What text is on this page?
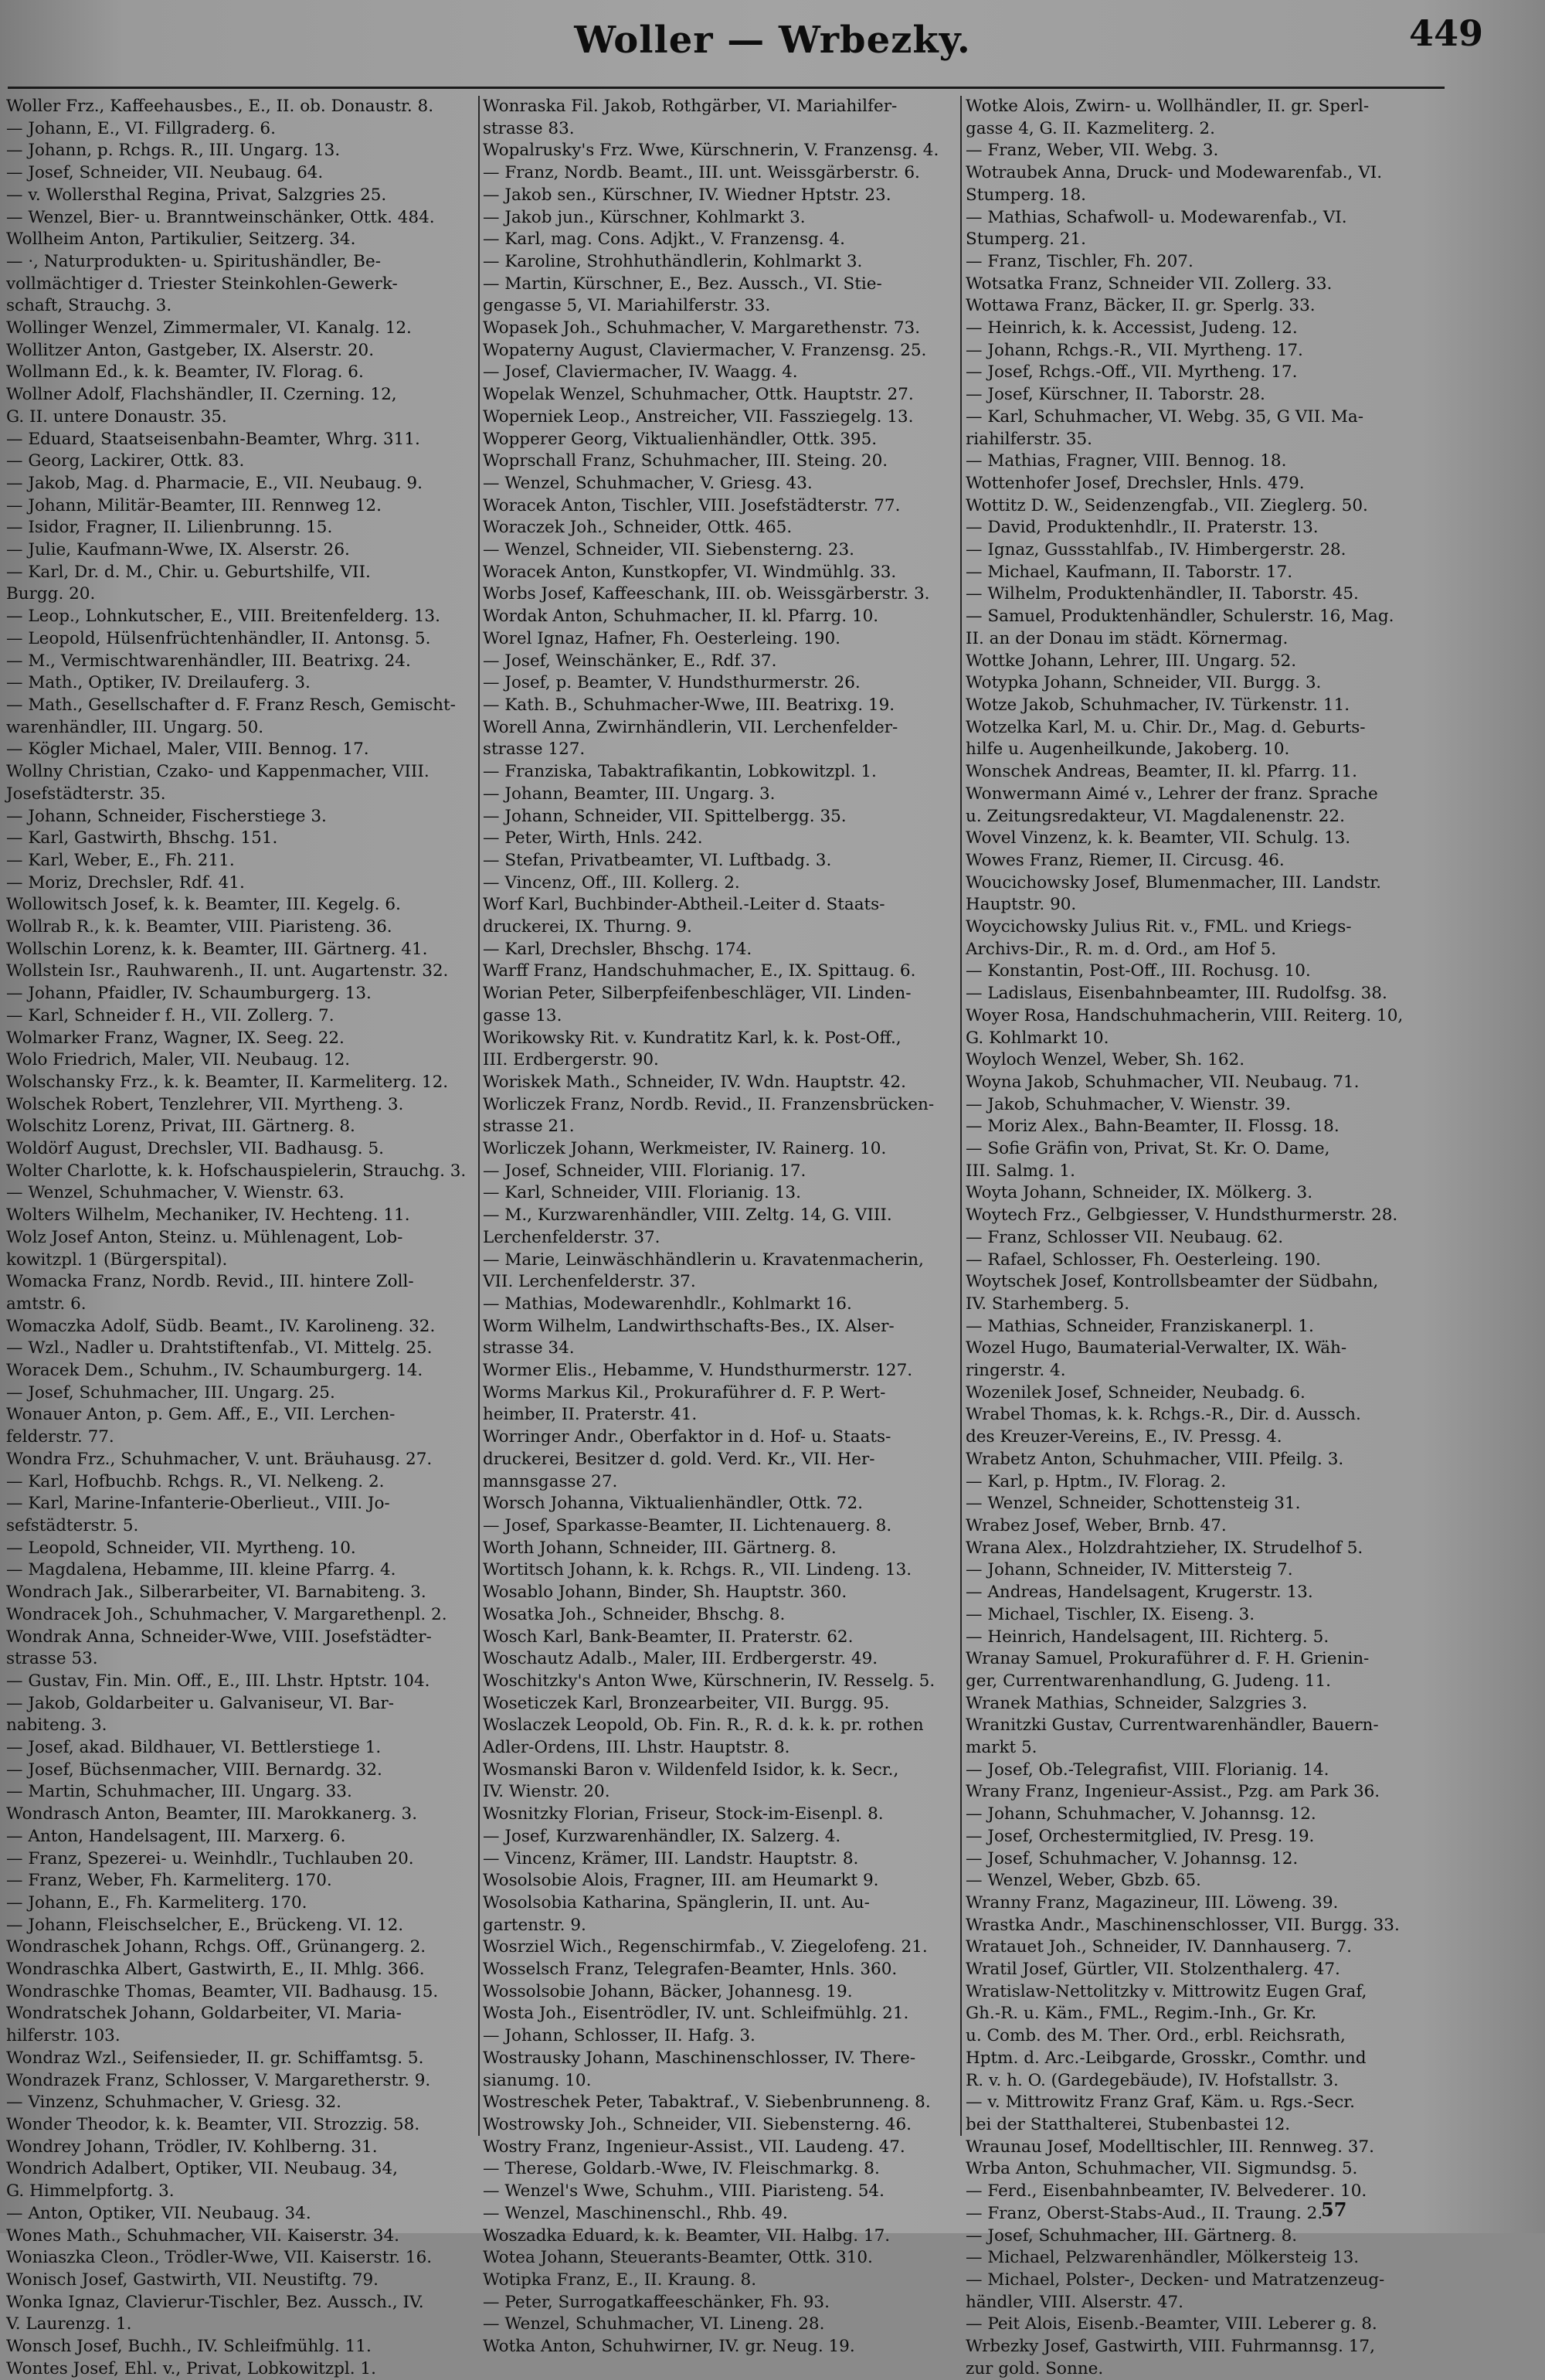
Woller — Wrbezky.	449
Woller Frz., Kaffeehausbes., E., II. ob. Donaustr. 8.
— Johann, E., VI. Fillgraderg. 6.
— Johann, p. Rchgs. R., III. Ungarg. 13.
— Josef, Schneider, VII. Neubaug. 64.
— v. Wollersthal Regina, Privat, Salzgries 25.
— Wenzel, Bier- u. Branntweinschänker, Ottk. 484.
Wollheim Anton, Partikulier, Seitzerg. 34.
— ·, Naturprodukten- u. Spiritushändler, Be-
vollmächtiger d. Triester Steinkohlen-Gewerk-
schaft, Strauchg. 3.
Wollinger Wenzel, Zimmermaler, VI. Kanalg. 12.
Wollitzer Anton, Gastgeber, IX. Alserstr. 20.
Wollmann Ed., k. k. Beamter, IV. Florag. 6.
Wollner Adolf, Flachshändler, II. Czerning. 12,
G. II. untere Donaustr. 35.
— Eduard, Staatseisenbahn-Beamter, Whrg. 311.
— Georg, Lackirer, Ottk. 83.
— Jakob, Mag. d. Pharmacie, E., VII. Neubaug. 9.
— Johann, Militär-Beamter, III. Rennweg 12.
— Isidor, Fragner, II. Lilienbrunng. 15.
— Julie, Kaufmann-Wwe, IX. Alserstr. 26.
— Karl, Dr. d. M., Chir. u. Geburtshilfe, VII.
Burgg. 20.
— Leop., Lohnkutscher, E., VIII. Breitenfelderg. 13.
— Leopold, Hülsenfrüchtenhändler, II. Antonsg. 5.
— M., Vermischtwarenhändler, III. Beatrixg. 24.
— Math., Optiker, IV. Dreilauferg. 3.
— Math., Gesellschafter d. F. Franz Resch, Gemischt-
warenhändler, III. Ungarg. 50.
— Kögler Michael, Maler, VIII. Bennog. 17.
Wollny Christian, Czako- und Kappenmacher, VIII.
Josefstädterstr. 35.
— Johann, Schneider, Fischerstiege 3.
— Karl, Gastwirth, Bhschg. 151.
— Karl, Weber, E., Fh. 211.
— Moriz, Drechsler, Rdf. 41.
Wollowitsch Josef, k. k. Beamter, III. Kegelg. 6.
Wollrab R., k. k. Beamter, VIII. Piaristeng. 36.
Wollschin Lorenz, k. k. Beamter, III. Gärtnerg. 41.
Wollstein Isr., Rauhwarenh., II. unt. Augartenstr. 32.
— Johann, Pfaidler, IV. Schaumburgerg. 13.
— Karl, Schneider f. H., VII. Zollerg. 7.
Wolmarker Franz, Wagner, IX. Seeg. 22.
Wolo Friedrich, Maler, VII. Neubaug. 12.
Wolschansky Frz., k. k. Beamter, II. Karmeliterg. 12.
Wolschek Robert, Tenzlehrer, VII. Myrtheng. 3.
Wolschitz Lorenz, Privat, III. Gärtnerg. 8.
Woldörf August, Drechsler, VII. Badhausg. 5.
Wolter Charlotte, k. k. Hofschauspielerin, Strauchg. 3.
— Wenzel, Schuhmacher, V. Wienstr. 63.
Wolters Wilhelm, Mechaniker, IV. Hechteng. 11.
Wolz Josef Anton, Steinz. u. Mühlenagent, Lob-
kowitzpl. 1 (Bürgerspital).
Womacka Franz, Nordb. Revid., III. hintere Zoll-
amtstr. 6.
Womaczka Adolf, Südb. Beamt., IV. Karolineng. 32.
— Wzl., Nadler u. Drahtstiftenfab., VI. Mittelg. 25.
Woracek Dem., Schuhm., IV. Schaumburgerg. 14.
— Josef, Schuhmacher, III. Ungarg. 25.
Wonauer Anton, p. Gem. Aff., E., VII. Lerchen-
felderstr. 77.
Wondra Frz., Schuhmacher, V. unt. Bräuhausg. 27.
— Karl, Hofbuchb. Rchgs. R., VI. Nelkeng. 2.
— Karl, Marine-Infanterie-Oberlieut., VIII. Jo-
sefstädterstr. 5.
— Leopold, Schneider, VII. Myrtheng. 10.
— Magdalena, Hebamme, III. kleine Pfarrg. 4.
Wondrach Jak., Silberarbeiter, VI. Barnabiteng. 3.
Wondracek Joh., Schuhmacher, V. Margarethenpl. 2.
Wondrak Anna, Schneider-Wwe, VIII. Josefstädter-
strasse 53.
— Gustav, Fin. Min. Off., E., III. Lhstr. Hptstr. 104.
— Jakob, Goldarbeiter u. Galvaniseur, VI. Bar-
nabiteng. 3.
— Josef, akad. Bildhauer, VI. Bettlerstiege 1.
— Josef, Büchsenmacher, VIII. Bernardg. 32.
— Martin, Schuhmacher, III. Ungarg. 33.
Wondrasch Anton, Beamter, III. Marokkanerg. 3.
— Anton, Handelsagent, III. Marxerg. 6.
— Franz, Spezerei- u. Weinhdlr., Tuchlauben 20.
— Franz, Weber, Fh. Karmeliterg. 170.
— Johann, E., Fh. Karmeliterg. 170.
— Johann, Fleischselcher, E., Brückeng. VI. 12.
Wondraschek Johann, Rchgs. Off., Grünangerg. 2.
Wondraschka Albert, Gastwirth, E., II. Mhlg. 366.
Wondraschke Thomas, Beamter, VII. Badhausg. 15.
Wondratschek Johann, Goldarbeiter, VI. Maria-
hilferstr. 103.
Wondraz Wzl., Seifensieder, II. gr. Schiffamtsg. 5.
Wondrazek Franz, Schlosser, V. Margaretherstr. 9.
— Vinzenz, Schuhmacher, V. Griesg. 32.
Wonder Theodor, k. k. Beamter, VII. Strozzig. 58.
Wondrey Johann, Trödler, IV. Kohlberng. 31.
Wondrich Adalbert, Optiker, VII. Neubaug. 34,
G. Himmelpfortg. 3.
— Anton, Optiker, VII. Neubaug. 34.
Wones Math., Schuhmacher, VII. Kaiserstr. 34.
Woniaszka Cleon., Trödler-Wwe, VII. Kaiserstr. 16.
Wonisch Josef, Gastwirth, VII. Neustiftg. 79.
Wonka Ignaz, Clavierur-Tischler, Bez. Aussch., IV.
V. Laurenzg. 1.
Wonsch Josef, Buchh., IV. Schleifmühlg. 11.
Wontes Josef, Ehl. v., Privat, Lobkowitzpl. 1.
Wonraska Fil. Jakob, Rothgärber, VI. Mariahilfer-
strasse 83.
Wopalrusky's Frz. Wwe, Kürschnerin, V. Franzensg. 4.
— Franz, Nordb. Beamt., III. unt. Weissgärberstr. 6.
— Jakob sen., Kürschner, IV. Wiedner Hptstr. 23.
— Jakob jun., Kürschner, Kohlmarkt 3.
— Karl, mag. Cons. Adjkt., V. Franzensg. 4.
— Karoline, Strohhuthändlerin, Kohlmarkt 3.
— Martin, Kürschner, E., Bez. Aussch., VI. Stie-
gengasse 5, VI. Mariahilferstr. 33.
Wopasek Joh., Schuhmacher, V. Margarethenstr. 73.
Wopaterny August, Claviermacher, V. Franzensg. 25.
— Josef, Claviermacher, IV. Waagg. 4.
Wopelak Wenzel, Schuhmacher, Ottk. Hauptstr. 27.
Woperniek Leop., Anstreicher, VII. Fassziegelg. 13.
Wopperer Georg, Viktualienhändler, Ottk. 395.
Woprschall Franz, Schuhmacher, III. Steing. 20.
— Wenzel, Schuhmacher, V. Griesg. 43.
Woracek Anton, Tischler, VIII. Josefstädterstr. 77.
Woraczek Joh., Schneider, Ottk. 465.
— Wenzel, Schneider, VII. Siebensterng. 23.
Woracek Anton, Kunstkopfer, VI. Windmühlg. 33.
Worbs Josef, Kaffeeschank, III. ob. Weissgärberstr. 3.
Wordak Anton, Schuhmacher, II. kl. Pfarrg. 10.
Worel Ignaz, Hafner, Fh. Oesterleing. 190.
— Josef, Weinschänker, E., Rdf. 37.
— Josef, p. Beamter, V. Hundsthurmerstr. 26.
— Kath. B., Schuhmacher-Wwe, III. Beatrixg. 19.
Worell Anna, Zwirnhändlerin, VII. Lerchenfelder-
strasse 127.
— Franziska, Tabaktrafikantin, Lobkowitzpl. 1.
— Johann, Beamter, III. Ungarg. 3.
— Johann, Schneider, VII. Spittelbergg. 35.
— Peter, Wirth, Hnls. 242.
— Stefan, Privatbeamter, VI. Luftbadg. 3.
— Vincenz, Off., III. Kollerg. 2.
Worf Karl, Buchbinder-Abtheil.-Leiter d. Staats-
druckerei, IX. Thurng. 9.
— Karl, Drechsler, Bhschg. 174.
Warff Franz, Handschuhmacher, E., IX. Spittaug. 6.
Worian Peter, Silberpfeifenbeschläger, VII. Linden-
gasse 13.
Worikowsky Rit. v. Kundratitz Karl, k. k. Post-Off.,
III. Erdbergerstr. 90.
Woriskek Math., Schneider, IV. Wdn. Hauptstr. 42.
Worliczek Franz, Nordb. Revid., II. Franzensbrücken-
strasse 21.
Worliczek Johann, Werkmeister, IV. Rainerg. 10.
— Josef, Schneider, VIII. Florianig. 17.
— Karl, Schneider, VIII. Florianig. 13.
— M., Kurzwarenhändler, VIII. Zeltg. 14, G. VIII.
Lerchenfelderstr. 37.
— Marie, Leinwäschhändlerin u. Kravatenmacherin,
VII. Lerchenfelderstr. 37.
— Mathias, Modewarenhdlr., Kohlmarkt 16.
Worm Wilhelm, Landwirthschafts-Bes., IX. Alser-
strasse 34.
Wormer Elis., Hebamme, V. Hundsthurmerstr. 127.
Worms Markus Kil., Prokuraführer d. F. P. Wert-
heimber, II. Praterstr. 41.
Worringer Andr., Oberfaktor in d. Hof- u. Staats-
druckerei, Besitzer d. gold. Verd. Kr., VII. Her-
mannsgasse 27.
Worsch Johanna, Viktualienhändler, Ottk. 72.
— Josef, Sparkasse-Beamter, II. Lichtenauerg. 8.
Worth Johann, Schneider, III. Gärtnerg. 8.
Wortitsch Johann, k. k. Rchgs. R., VII. Lindeng. 13.
Wosablo Johann, Binder, Sh. Hauptstr. 360.
Wosatka Joh., Schneider, Bhschg. 8.
Wosch Karl, Bank-Beamter, II. Praterstr. 62.
Woschautz Adalb., Maler, III. Erdbergerstr. 49.
Woschitzky's Anton Wwe, Kürschnerin, IV. Resselg. 5.
Woseticzek Karl, Bronzearbeiter, VII. Burgg. 95.
Woslaczek Leopold, Ob. Fin. R., R. d. k. k. pr. rothen
Adler-Ordens, III. Lhstr. Hauptstr. 8.
Wosmanski Baron v. Wildenfeld Isidor, k. k. Secr.,
IV. Wienstr. 20.
Wosnitzky Florian, Friseur, Stock-im-Eisenpl. 8.
— Josef, Kurzwarenhändler, IX. Salzerg. 4.
— Vincenz, Krämer, III. Landstr. Hauptstr. 8.
Wosolsobie Alois, Fragner, III. am Heumarkt 9.
Wosolsobia Katharina, Spänglerin, II. unt. Au-
gartenstr. 9.
Wosrziel Wich., Regenschirmfab., V. Ziegelofeng. 21.
Wosselsch Franz, Telegrafen-Beamter, Hnls. 360.
Wossolsobie Johann, Bäcker, Johannesg. 19.
Wosta Joh., Eisentrödler, IV. unt. Schleifmühlg. 21.
— Johann, Schlosser, II. Hafg. 3.
Wostrausky Johann, Maschinenschlosser, IV. There-
sianumg. 10.
Wostreschek Peter, Tabaktraf., V. Siebenbrunneng. 8.
Wostrowsky Joh., Schneider, VII. Siebensterng. 46.
Wostry Franz, Ingenieur-Assist., VII. Laudeng. 47.
— Therese, Goldarb.-Wwe, IV. Fleischmarkg. 8.
— Wenzel's Wwe, Schuhm., VIII. Piaristeng. 54.
— Wenzel, Maschinenschl., Rhb. 49.
Woszadka Eduard, k. k. Beamter, VII. Halbg. 17.
Wotea Johann, Steuerants-Beamter, Ottk. 310.
Wotipka Franz, E., II. Kraung. 8.
— Peter, Surrogatkaffeeschänker, Fh. 93.
— Wenzel, Schuhmacher, VI. Lineng. 28.
Wotka Anton, Schuhwirner, IV. gr. Neug. 19.
Wotke Alois, Zwirn- u. Wollhändler, II. gr. Sperl-
gasse 4, G. II. Kazmeliterg. 2.
— Franz, Weber, VII. Webg. 3.
Wotraubek Anna, Druck- und Modewarenfab., VI.
Stumperg. 18.
— Mathias, Schafwoll- u. Modewarenfab., VI.
Stumperg. 21.
— Franz, Tischler, Fh. 207.
Wotsatka Franz, Schneider VII. Zollerg. 33.
Wottawa Franz, Bäcker, II. gr. Sperlg. 33.
— Heinrich, k. k. Accessist, Judeng. 12.
— Johann, Rchgs.-R., VII. Myrtheng. 17.
— Josef, Rchgs.-Off., VII. Myrtheng. 17.
— Josef, Kürschner, II. Taborstr. 28.
— Karl, Schuhmacher, VI. Webg. 35, G VII. Ma-
riahilferstr. 35.
— Mathias, Fragner, VIII. Bennog. 18.
Wottenhofer Josef, Drechsler, Hnls. 479.
Wottitz D. W., Seidenzengfab., VII. Zieglerg. 50.
— David, Produktenhdlr., II. Praterstr. 13.
— Ignaz, Gussstahlfab., IV. Himbergerstr. 28.
— Michael, Kaufmann, II. Taborstr. 17.
— Wilhelm, Produktenhändler, II. Taborstr. 45.
— Samuel, Produktenhändler, Schulerstr. 16, Mag.
II. an der Donau im städt. Körnermag.
Wottke Johann, Lehrer, III. Ungarg. 52.
Wotypka Johann, Schneider, VII. Burgg. 3.
Wotze Jakob, Schuhmacher, IV. Türkenstr. 11.
Wotzelka Karl, M. u. Chir. Dr., Mag. d. Geburts-
hilfe u. Augenheilkunde, Jakoberg. 10.
Wonschek Andreas, Beamter, II. kl. Pfarrg. 11.
Wonwermann Aimé v., Lehrer der franz. Sprache
u. Zeitungsredakteur, VI. Magdalenenstr. 22.
Wovel Vinzenz, k. k. Beamter, VII. Schulg. 13.
Wowes Franz, Riemer, II. Circusg. 46.
Woucichowsky Josef, Blumenmacher, III. Landstr.
Hauptstr. 90.
Woycichowsky Julius Rit. v., FML. und Kriegs-
Archivs-Dir., R. m. d. Ord., am Hof 5.
— Konstantin, Post-Off., III. Rochusg. 10.
— Ladislaus, Eisenbahnbeamter, III. Rudolfsg. 38.
Woyer Rosa, Handschuhmacherin, VIII. Reiterg. 10,
G. Kohlmarkt 10.
Woyloch Wenzel, Weber, Sh. 162.
Woyna Jakob, Schuhmacher, VII. Neubaug. 71.
— Jakob, Schuhmacher, V. Wienstr. 39.
— Moriz Alex., Bahn-Beamter, II. Flossg. 18.
— Sofie Gräfin von, Privat, St. Kr. O. Dame,
III. Salmg. 1.
Woyta Johann, Schneider, IX. Mölkerg. 3.
Woytech Frz., Gelbgiesser, V. Hundsthurmerstr. 28.
— Franz, Schlosser VII. Neubaug. 62.
— Rafael, Schlosser, Fh. Oesterleing. 190.
Woytschek Josef, Kontrollsbeamter der Südbahn,
IV. Starhemberg. 5.
— Mathias, Schneider, Franziskanerpl. 1.
Wozel Hugo, Baumaterial-Verwalter, IX. Wäh-
ringerstr. 4.
Wozenilek Josef, Schneider, Neubadg. 6.
Wrabel Thomas, k. k. Rchgs.-R., Dir. d. Aussch.
des Kreuzer-Vereins, E., IV. Pressg. 4.
Wrabetz Anton, Schuhmacher, VIII. Pfeilg. 3.
— Karl, p. Hptm., IV. Florag. 2.
— Wenzel, Schneider, Schottensteig 31.
Wrabez Josef, Weber, Brnb. 47.
Wrana Alex., Holzdrahtzieher, IX. Strudelhof 5.
— Johann, Schneider, IV. Mittersteig 7.
— Andreas, Handelsagent, Krugerstr. 13.
— Michael, Tischler, IX. Eiseng. 3.
— Heinrich, Handelsagent, III. Richterg. 5.
Wranay Samuel, Prokuraführer d. F. H. Grienin-
ger, Currentwarenhandlung, G. Judeng. 11.
Wranek Mathias, Schneider, Salzgries 3.
Wranitzki Gustav, Currentwarenhändler, Bauern-
markt 5.
— Josef, Ob.-Telegrafist, VIII. Florianig. 14.
Wrany Franz, Ingenieur-Assist., Pzg. am Park 36.
— Johann, Schuhmacher, V. Johannsg. 12.
— Josef, Orchestermitglied, IV. Presg. 19.
— Josef, Schuhmacher, V. Johannsg. 12.
— Wenzel, Weber, Gbzb. 65.
Wranny Franz, Magazineur, III. Löweng. 39.
Wrastka Andr., Maschinenschlosser, VII. Burgg. 33.
Wratauet Joh., Schneider, IV. Dannhauserg. 7.
Wratil Josef, Gürtler, VII. Stolzenthalerg. 47.
Wratislaw-Nettolitzky v. Mittrowitz Eugen Graf,
Gh.-R. u. Käm., FML., Regim.-Inh., Gr. Kr.
u. Comb. des M. Ther. Ord., erbl. Reichsrath,
Hptm. d. Arc.-Leibgarde, Grosskr., Comthr. und
R. v. h. O. (Gardegebäude), IV. Hofstallstr. 3.
— v. Mittrowitz Franz Graf, Käm. u. Rgs.-Secr.
bei der Statthalterei, Stubenbastei 12.
Wraunau Josef, Modelltischler, III. Rennweg. 37.
Wrba Anton, Schuhmacher, VII. Sigmundsg. 5.
— Ferd., Eisenbahnbeamter, IV. Belvederег. 10.
— Franz, Oberst-Stabs-Aud., II. Traung. 2.
— Josef, Schuhmacher, III. Gärtnerg. 8.
— Michael, Pelzwarenhändler, Mölkersteig 13.
— Michael, Polster-, Decken- und Matratzenzeug-
händler, VIII. Alserstr. 47.
— Peit Alois, Eisenb.-Beamter, VIII. Leberer g. 8.
Wrbezky Josef, Gastwirth, VIII. Fuhrmannsg. 17,
zur gold. Sonne.
57
